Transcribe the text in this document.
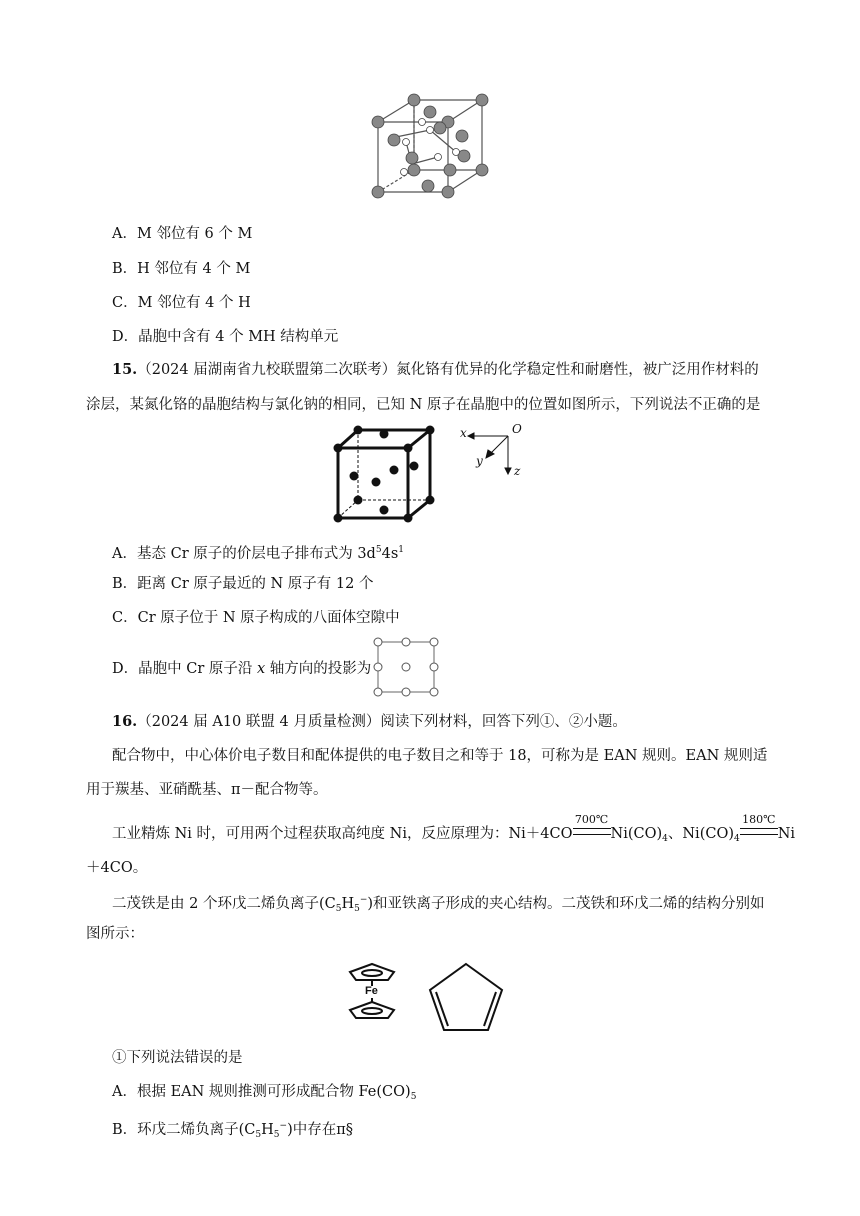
A．M 邻位有 6 个 M
B．H 邻位有 4 个 M
C．M 邻位有 4 个 H
D．晶胞中含有 4 个 MH 结构单元
15.（2024 届湖南省九校联盟第二次联考）氮化铬有优异的化学稳定性和耐磨性，被广泛用作材料的
涂层，某氮化铬的晶胞结构与氯化钠的相同，已知 N 原子在晶胞中的位置如图所示，下列说法不正确的是
x	O
y
z
A．基态 Cr 原子的价层电子排布式为 $3d^54s^1$
B．距离 Cr 原子最近的 N 原子有 12 个
C．Cr 原子位于 N 原子构成的八面体空隙中
D．晶胞中 Cr 原子沿 x 轴方向的投影为
16.（2024 届 A10 联盟 4 月质量检测）阅读下列材料，回答下列①、②小题。
配合物中，中心体价电子数目和配体提供的电子数目之和等于 18，可称为是 EAN 规则。EAN 规则适
用于羰基、亚硝酰基、π－配合物等。
工业精炼 Ni 时，可用两个过程获取高纯度 Ni，反应原理为：Ni＋4CO
700℃
$Ni(CO)_4$、$Ni(CO)_4$
180℃
Ni
＋4CO。
二茂铁是由 2 个环戊二烯负离子$(C_5H_5^-)$和亚铁离子形成的夹心结构。二茂铁和环戊二烯的结构分别如
图所示：
Fe
①下列说法错误的是
A．根据 EAN 规则推测可形成配合物 $Fe(CO)_5$
B．环戊二烯负离子$(C_5H_5^-)$中存在π§
